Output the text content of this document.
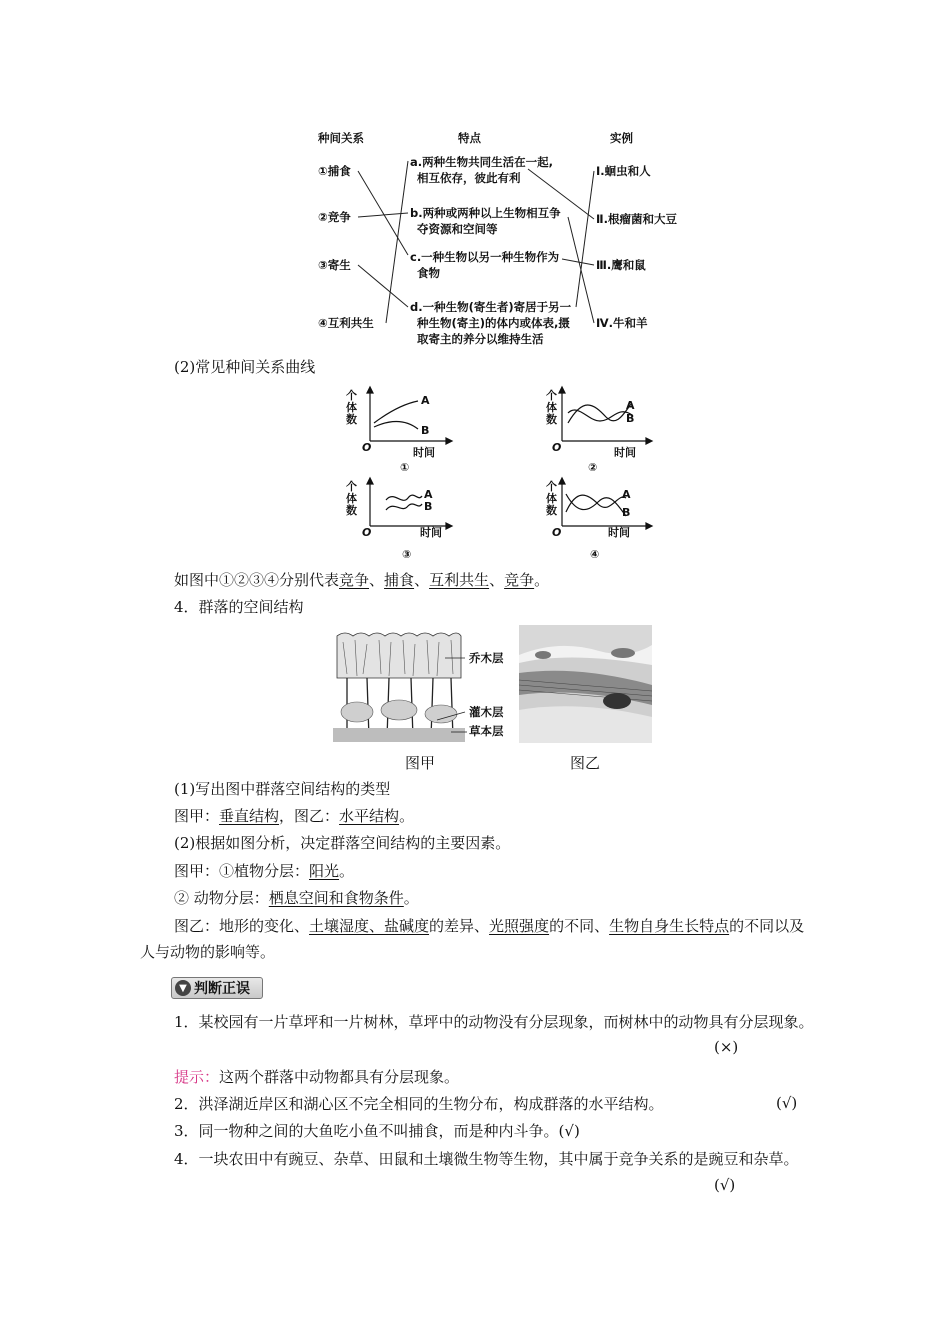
种间关系	特点	实例
①捕食
②竞争
③寄生
④互利共生
a.两种生物共同生活在一起,
相互依存，彼此有利
b.两种或两种以上生物相互争
夺资源和空间等
c.一种生物以另一种生物作为
食物
d.一种生物(寄生者)寄居于另一
种生物(寄主)的体内或体表,摄
取寄主的养分以维持生活
Ⅰ.蛔虫和人
Ⅱ.根瘤菌和大豆
Ⅲ.鹰和鼠
Ⅳ.牛和羊
(2)常见种间关系曲线
个
体
数
O	时间
A
B
①
个
体
数
O	时间
A
B
②
个
体
数
O	时间
A
B
③
个
体
数
O	时间
A
B
④
如图中①②③④分别代表竞争、捕食、互利共生、竞争。
4．群落的空间结构
乔木层
灌木层
草本层
图甲	图乙
(1)写出图中群落空间结构的类型
图甲：垂直结构，图乙：水平结构。
(2)根据如图分析，决定群落空间结构的主要因素。
图甲：①植物分层：阳光。
② 动物分层：栖息空间和食物条件。
图乙：地形的变化、土壤湿度、盐碱度的差异、光照强度的不同、生物自身生长特点的不同以及人与动物的影响等。
▼ 判断正误
1．某校园有一片草坪和一片树林，草坪中的动物没有分层现象，而树林中的动物具有分层现象。
(×)
提示：这两个群落中动物都具有分层现象。
2．洪泽湖近岸区和湖心区不完全相同的生物分布，构成群落的水平结构。	(√)
3．同一物种之间的大鱼吃小鱼不叫捕食，而是种内斗争。(√)
4．一块农田中有豌豆、杂草、田鼠和土壤微生物等生物，其中属于竞争关系的是豌豆和杂草。
(√)
